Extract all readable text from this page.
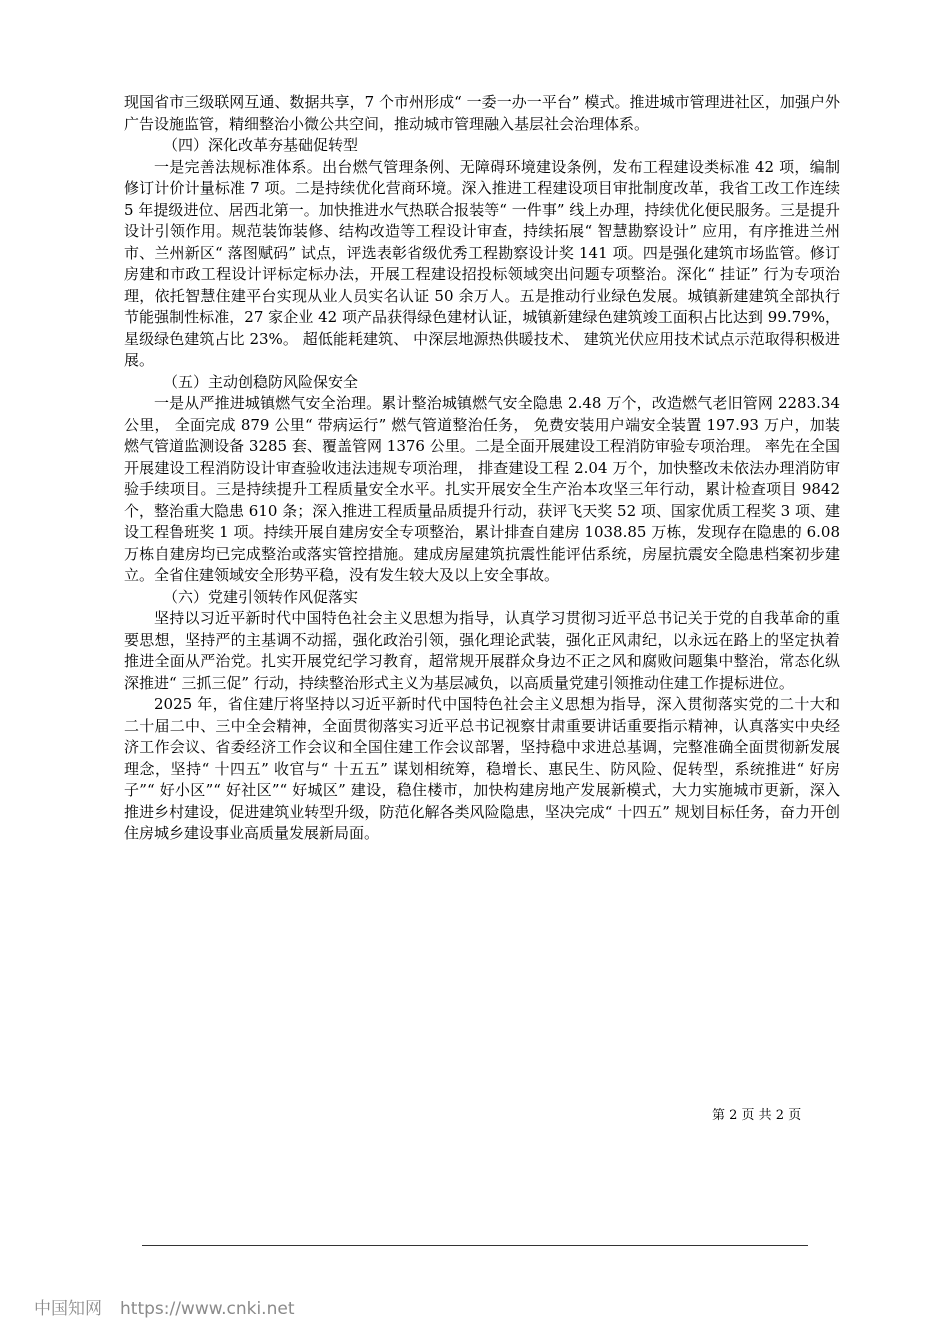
现国省市三级联网互通、数据共享，7 个市州形成“ 一委一办一平台” 模式。推进城市管理进社区，加强户外广告设施监管，精细整治小微公共空间，推动城市管理融入基层社会治理体系。

（四）深化改革夯基础促转型

一是完善法规标准体系。出台燃气管理条例、无障碍环境建设条例，发布工程建设类标准 42 项，编制修订计价计量标准 7 项。二是持续优化营商环境。深入推进工程建设项目审批制度改革，我省工改工作连续 5 年提级进位、居西北第一。加快推进水气热联合报装等“ 一件事” 线上办理，持续优化便民服务。三是提升设计引领作用。规范装饰装修、结构改造等工程设计审查，持续拓展“ 智慧勘察设计” 应用，有序推进兰州市、兰州新区“ 落图赋码” 试点，评选表彰省级优秀工程勘察设计奖 141 项。四是强化建筑市场监管。修订房建和市政工程设计评标定标办法，开展工程建设招投标领域突出问题专项整治。深化“ 挂证” 行为专项治理，依托智慧住建平台实现从业人员实名认证 50 余万人。五是推动行业绿色发展。城镇新建建筑全部执行节能强制性标准，27 家企业 42 项产品获得绿色建材认证，城镇新建绿色建筑竣工面积占比达到 99.79%，星级绿色建筑占比 23%。 超低能耗建筑、 中深层地源热供暖技术、 建筑光伏应用技术试点示范取得积极进展。

（五）主动创稳防风险保安全

一是从严推进城镇燃气安全治理。累计整治城镇燃气安全隐患 2.48 万个，改造燃气老旧管网 2283.34 公里， 全面完成 879 公里“ 带病运行” 燃气管道整治任务， 免费安装用户端安全装置 197.93 万户，加装燃气管道监测设备 3285 套、覆盖管网 1376 公里。二是全面开展建设工程消防审验专项治理。 率先在全国开展建设工程消防设计审查验收违法违规专项治理， 排查建设工程 2.04 万个，加快整改未依法办理消防审验手续项目。三是持续提升工程质量安全水平。扎实开展安全生产治本攻坚三年行动，累计检查项目 9842 个，整治重大隐患 610 条；深入推进工程质量品质提升行动，获评飞天奖 52 项、国家优质工程奖 3 项、建设工程鲁班奖 1 项。持续开展自建房安全专项整治，累计排查自建房 1038.85 万栋，发现存在隐患的 6.08 万栋自建房均已完成整治或落实管控措施。建成房屋建筑抗震性能评估系统，房屋抗震安全隐患档案初步建立。全省住建领域安全形势平稳，没有发生较大及以上安全事故。

（六）党建引领转作风促落实

坚持以习近平新时代中国特色社会主义思想为指导，认真学习贯彻习近平总书记关于党的自我革命的重要思想，坚持严的主基调不动摇，强化政治引领，强化理论武装，强化正风肃纪，以永远在路上的坚定执着推进全面从严治党。扎实开展党纪学习教育，超常规开展群众身边不正之风和腐败问题集中整治，常态化纵深推进“ 三抓三促” 行动，持续整治形式主义为基层减负，以高质量党建引领推动住建工作提标进位。

2025 年，省住建厅将坚持以习近平新时代中国特色社会主义思想为指导，深入贯彻落实党的二十大和二十届二中、三中全会精神，全面贯彻落实习近平总书记视察甘肃重要讲话重要指示精神，认真落实中央经济工作会议、省委经济工作会议和全国住建工作会议部署，坚持稳中求进总基调，完整准确全面贯彻新发展理念，坚持“ 十四五” 收官与“ 十五五” 谋划相统筹，稳增长、惠民生、防风险、促转型，系统推进“ 好房子”“ 好小区”“ 好社区”“ 好城区” 建设，稳住楼市，加快构建房地产发展新模式，大力实施城市更新，深入推进乡村建设，促进建筑业转型升级，防范化解各类风险隐患，坚决完成“ 十四五” 规划目标任务，奋力开创住房城乡建设事业高质量发展新局面。

第 2 页 共 2 页
中国知网 https://www.cnki.net
